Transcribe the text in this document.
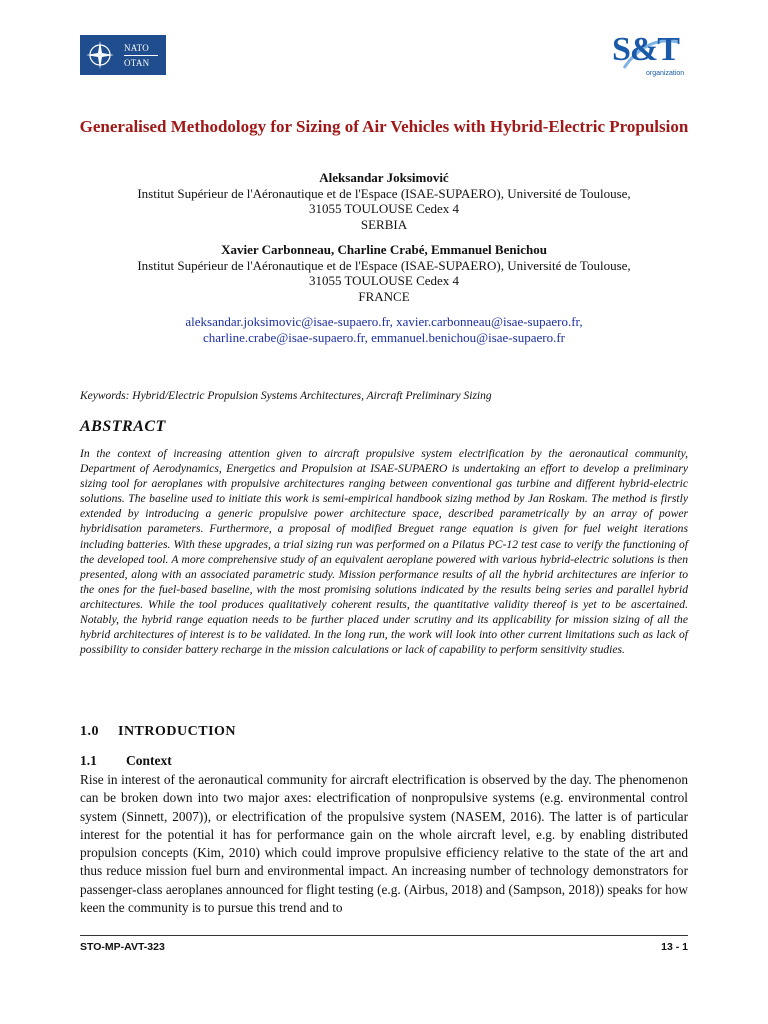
NATO
OTAN	S&T
organization
Generalised Methodology for Sizing of Air Vehicles with Hybrid-Electric Propulsion
Aleksandar Joksimović
Institut Supérieur de l'Aéronautique et de l'Espace (ISAE-SUPAERO), Université de Toulouse,
31055 TOULOUSE Cedex 4
SERBIA
Xavier Carbonneau, Charline Crabé, Emmanuel Benichou
Institut Supérieur de l'Aéronautique et de l'Espace (ISAE-SUPAERO), Université de Toulouse,
31055 TOULOUSE Cedex 4
FRANCE
aleksandar.joksimovic@isae-supaero.fr, xavier.carbonneau@isae-supaero.fr,
charline.crabe@isae-supaero.fr, emmanuel.benichou@isae-supaero.fr
Keywords: Hybrid/Electric Propulsion Systems Architectures, Aircraft Preliminary Sizing
ABSTRACT
In the context of increasing attention given to aircraft propulsive system electrification by the aeronautical community, Department of Aerodynamics, Energetics and Propulsion at ISAE-SUPAERO is undertaking an effort to develop a preliminary sizing tool for aeroplanes with propulsive architectures ranging between conventional gas turbine and different hybrid-electric solutions. The baseline used to initiate this work is semi-empirical handbook sizing method by Jan Roskam. The method is firstly extended by introducing a generic propulsive power architecture space, described parametrically by an array of power hybridisation parameters. Furthermore, a proposal of modified Breguet range equation is given for fuel weight iterations including batteries. With these upgrades, a trial sizing run was performed on a Pilatus PC-12 test case to verify the functioning of the developed tool. A more comprehensive study of an equivalent aeroplane powered with various hybrid-electric solutions is then presented, along with an associated parametric study. Mission performance results of all the hybrid architectures are inferior to the ones for the fuel-based baseline, with the most promising solutions indicated by the results being series and parallel hybrid architectures. While the tool produces qualitatively coherent results, the quantitative validity thereof is yet to be ascertained. Notably, the hybrid range equation needs to be further placed under scrutiny and its applicability for mission sizing of all the hybrid architectures of interest is to be validated. In the long run, the work will look into other current limitations such as lack of possibility to consider battery recharge in the mission calculations or lack of capability to perform sensitivity studies.
1.0 INTRODUCTION
1.1 Context
Rise in interest of the aeronautical community for aircraft electrification is observed by the day. The phenomenon can be broken down into two major axes: electrification of nonpropulsive systems (e.g. environmental control system (Sinnett, 2007)), or electrification of the propulsive system (NASEM, 2016). The latter is of particular interest for the potential it has for performance gain on the whole aircraft level, e.g. by enabling distributed propulsion concepts (Kim, 2010) which could improve propulsive efficiency relative to the state of the art and thus reduce mission fuel burn and environmental impact. An increasing number of technology demonstrators for passenger-class aeroplanes announced for flight testing (e.g. (Airbus, 2018) and (Sampson, 2018)) speaks for how keen the community is to pursue this trend and to
STO-MP-AVT-323	13 - 1
